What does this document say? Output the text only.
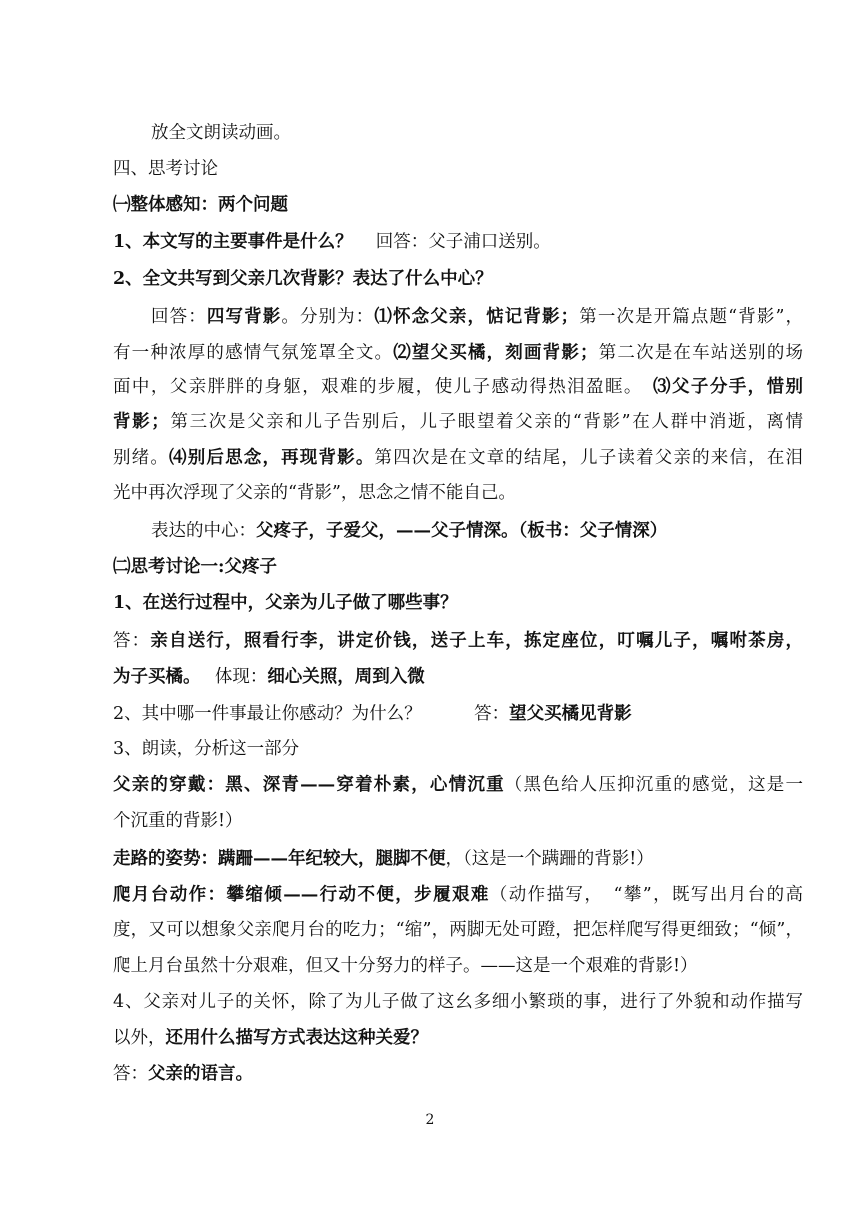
放全文朗读动画。
四、思考讨论
㈠整体感知：两个问题
1、本文写的主要事件是什么？　 回答：父子浦口送别。
2、全文共写到父亲几次背影？表达了什么中心？
回答：四写背影。分别为：⑴怀念父亲，惦记背影；第一次是开篇点题“背影”，
有一种浓厚的感情气氛笼罩全文。⑵望父买橘，刻画背影；第二次是在车站送别的场
面中，父亲胖胖的身躯，艰难的步履，使儿子感动得热泪盈眶。　⑶父子分手，惜别
背影；第三次是父亲和儿子告别后，儿子眼望着父亲的“背影”在人群中消逝，离情
别绪。⑷别后思念，再现背影。第四次是在文章的结尾，儿子读着父亲的来信，在泪
光中再次浮现了父亲的“背影”，思念之情不能自己。
表达的中心：父疼子，子爱父，——父子情深。（板书：父子情深）
㈡思考讨论一:父疼子
1、在送行过程中，父亲为儿子做了哪些事？
答：亲自送行，照看行李，讲定价钱，送子上车，拣定座位，叮嘱儿子，嘱咐茶房，
为子买橘。　 体现：细心关照，周到入微
2、其中哪一件事最让你感动？为什么？　　　答：望父买橘见背影
3、朗读，分析这一部分
父亲的穿戴：黑、深青——穿着朴素，心情沉重（黑色给人压抑沉重的感觉，这是一
个沉重的背影!）
走路的姿势：蹒跚——年纪较大，腿脚不便，（这是一个蹒跚的背影!）
爬月台动作：攀缩倾——行动不便，步履艰难（动作描写，　“攀”，既写出月台的高
度，又可以想象父亲爬月台的吃力；“缩”，两脚无处可蹬，把怎样爬写得更细致；“倾”，
爬上月台虽然十分艰难，但又十分努力的样子。——这是一个艰难的背影!）
4、父亲对儿子的关怀，除了为儿子做了这幺多细小繁琐的事，进行了外貌和动作描写
以外，还用什么描写方式表达这种关爱？
答：父亲的语言。
2
